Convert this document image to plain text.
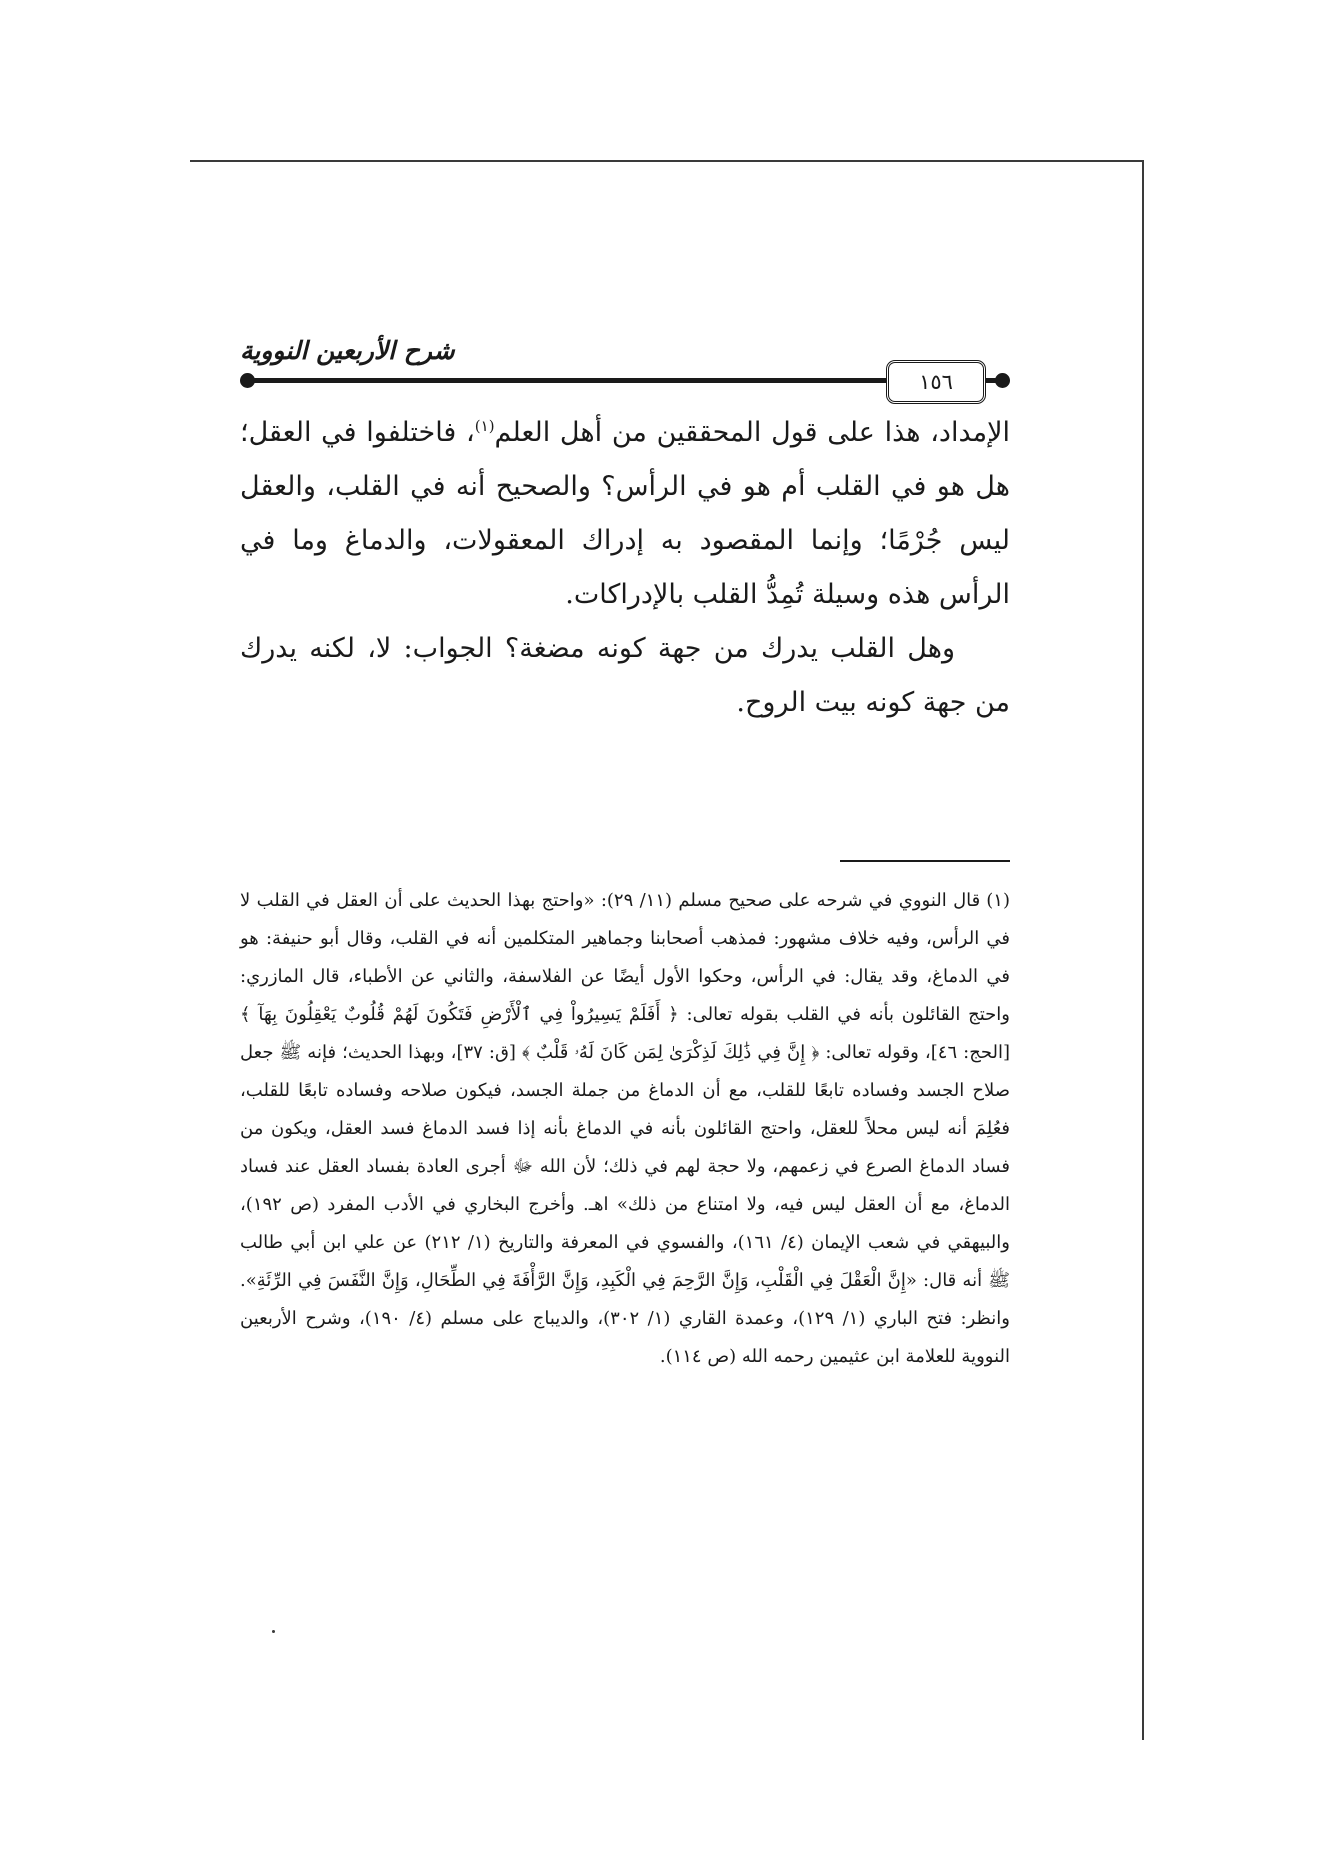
شرح الأربعين النووية
١٥٦

الإمداد، هذا على قول المحققين من أهل العلم$^{(١)}$، فاختلفوا في العقل؛ هل هو في القلب أم هو في الرأس؟ والصحيح أنه في القلب، والعقل ليس جُرْمًا؛ وإنما المقصود به إدراك المعقولات، والدماغ وما في الرأس هذه وسيلة تُمِدُّ القلب بالإدراكات.

وهل القلب يدرك من جهة كونه مضغة؟ الجواب: لا، لكنه يدرك من جهة كونه بيت الروح.

(١)قال النووي في شرحه على صحيح مسلم (١١/ ٢٩): «واحتج بهذا الحديث على أن العقل في القلب لا في الرأس، وفيه خلاف مشهور: فمذهب أصحابنا وجماهير المتكلمين أنه في القلب، وقال أبو حنيفة: هو في الدماغ، وقد يقال: في الرأس، وحكوا الأول أيضًا عن الفلاسفة، والثاني عن الأطباء، قال المازري: واحتج القائلون بأنه في القلب بقوله تعالى: ﴿ أَفَلَمْ يَسِيرُواْ فِي ٱلْأَرْضِ فَتَكُونَ لَهُمْ قُلُوبٌ يَعْقِلُونَ بِهَآ ﴾[الحج: ٤٦]، وقوله تعالى: ﴿ إِنَّ فِي ذَٰلِكَ لَذِكْرَىٰ لِمَن كَانَ لَهُۥ قَلْبٌ ﴾ [ق: ٣٧]، وبهذا الحديث؛ فإنه ﷺ جعل صلاح الجسد وفساده تابعًا للقلب، مع أن الدماغ من جملة الجسد، فيكون صلاحه وفساده تابعًا للقلب، فعُلِمَ أنه ليس محلاً للعقل، واحتج القائلون بأنه في الدماغ بأنه إذا فسد الدماغ فسد العقل، ويكون من فساد الدماغ الصرع في زعمهم، ولا حجة لهم في ذلك؛ لأن الله ﷻ أجرى العادة بفساد العقل عند فساد الدماغ، مع أن العقل ليس فيه، ولا امتناع من ذلك» اهـ. وأخرج البخاري في الأدب المفرد (ص ١٩٢)، والبيهقي في شعب الإيمان (٤/ ١٦١)، والفسوي في المعرفة والتاريخ (١/ ٢١٢) عن علي ابن أبي طالب ﷺ أنه قال: «إِنَّ الْعَقْلَ فِي الْقَلْبِ، وَإِنَّ الرَّحِمَ فِي الْكَبِدِ، وَإِنَّ الرَّأْفَةَ فِي الطِّحَالِ، وَإِنَّ النَّفَسَ فِي الرِّئَةِ». وانظر: فتح الباري (١/ ١٢٩)، وعمدة القاري (١/ ٣٠٢)، والديباج على مسلم (٤/ ١٩٠)، وشرح الأربعين النووية للعلامة ابن عثيمين رحمه الله (ص ١١٤).
